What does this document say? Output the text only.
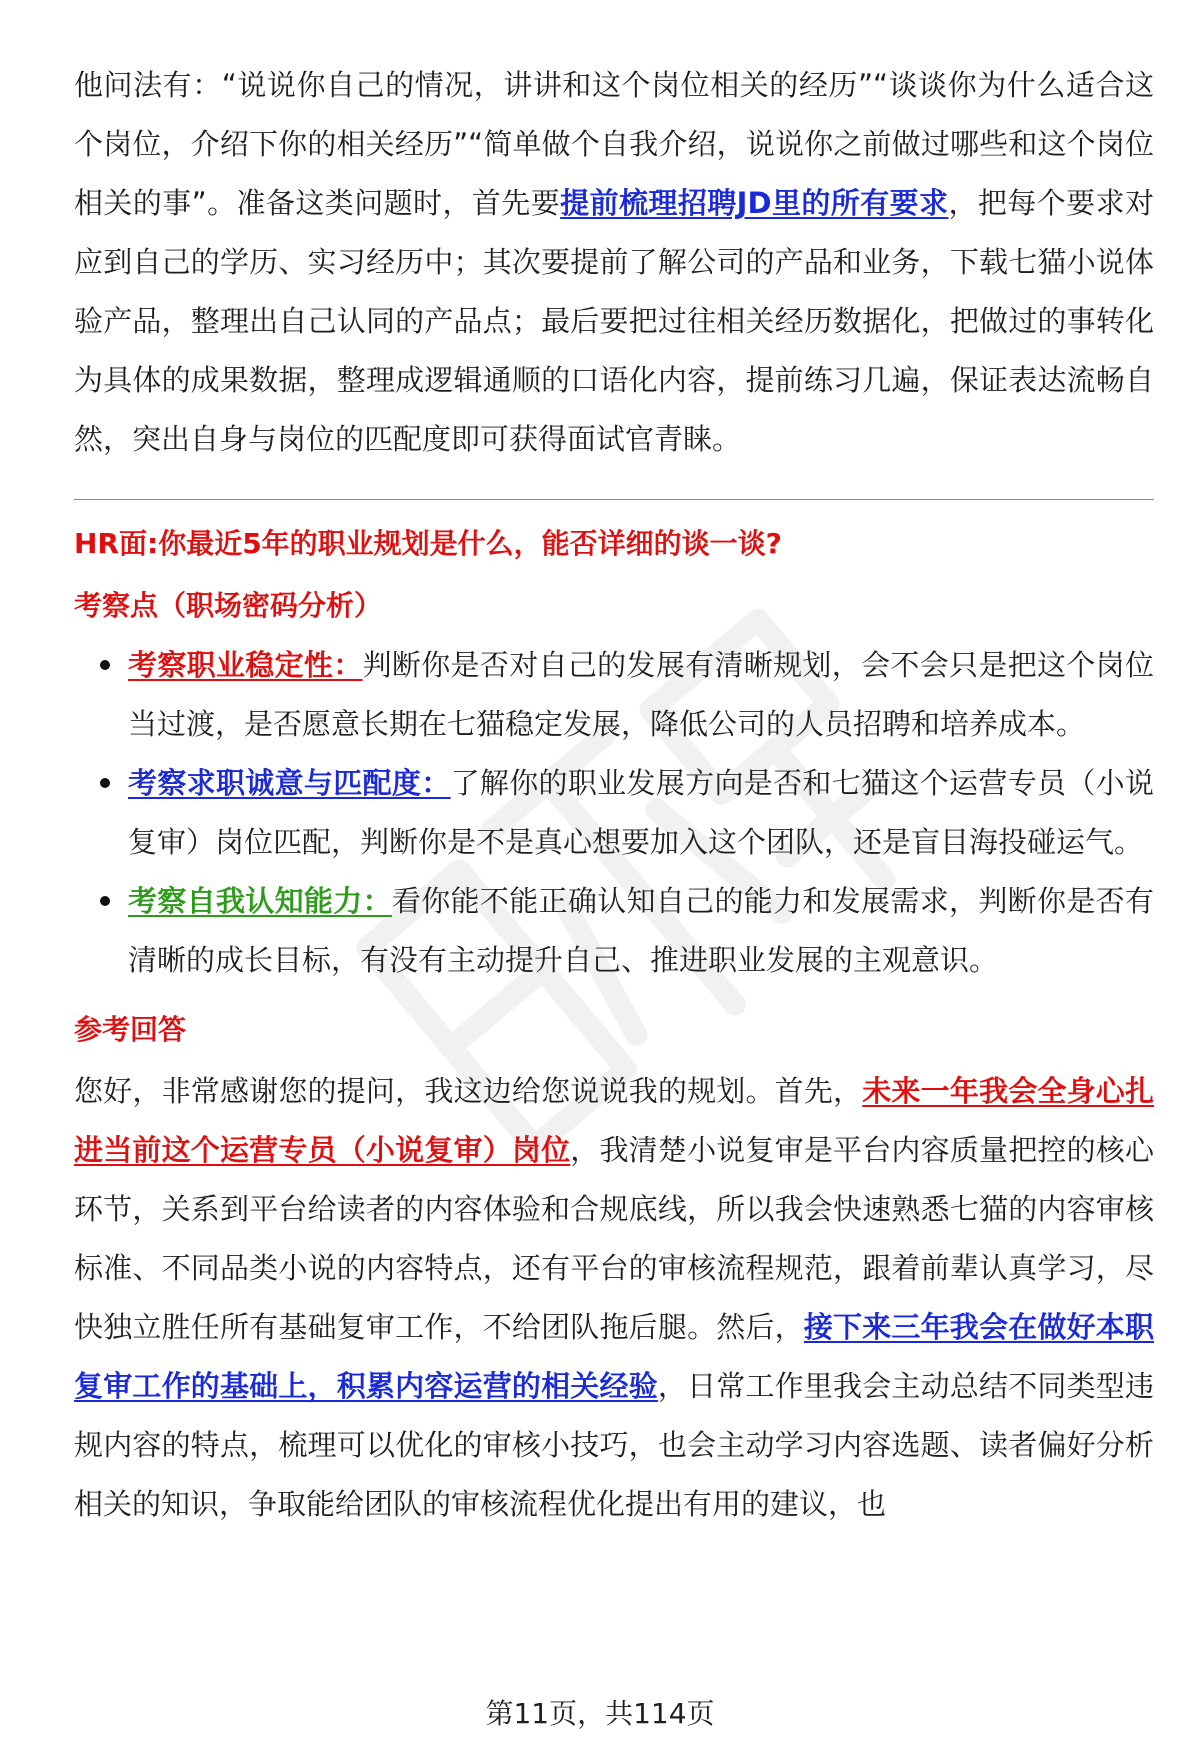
他问法有：“说说你自己的情况，讲讲和这个岗位相关的经历”“谈谈你为什么适合这个岗位，介绍下你的相关经历”“简单做个自我介绍，说说你之前做过哪些和这个岗位相关的事”。准备这类问题时，首先要提前梳理招聘JD里的所有要求，把每个要求对应到自己的学历、实习经历中；其次要提前了解公司的产品和业务，下载七猫小说体验产品，整理出自己认同的产品点；最后要把过往相关经历数据化，把做过的事转化为具体的成果数据，整理成逻辑通顺的口语化内容，提前练习几遍，保证表达流畅自然，突出自身与岗位的匹配度即可获得面试官青睐。

HR面:你最近5年的职业规划是什么，能否详细的谈一谈?

考察点（职场密码分析）

考察职业稳定性：判断你是否对自己的发展有清晰规划，会不会只是把这个岗位当过渡，是否愿意长期在七猫稳定发展，降低公司的人员招聘和培养成本。
考察求职诚意与匹配度：了解你的职业发展方向是否和七猫这个运营专员（小说复审）岗位匹配，判断你是不是真心想要加入这个团队，还是盲目海投碰运气。
考察自我认知能力：看你能不能正确认知自己的能力和发展需求，判断你是否有清晰的成长目标，有没有主动提升自己、推进职业发展的主观意识。

参考回答

您好，非常感谢您的提问，我这边给您说说我的规划。首先，未来一年我会全身心扎进当前这个运营专员（小说复审）岗位，我清楚小说复审是平台内容质量把控的核心环节，关系到平台给读者的内容体验和合规底线，所以我会快速熟悉七猫的内容审核标准、不同品类小说的内容特点，还有平台的审核流程规范，跟着前辈认真学习，尽快独立胜任所有基础复审工作，不给团队拖后腿。然后，接下来三年我会在做好本职复审工作的基础上，积累内容运营的相关经验，日常工作里我会主动总结不同类型违规内容的特点，梳理可以优化的审核小技巧，也会主动学习内容选题、读者偏好分析相关的知识，争取能给团队的审核流程优化提出有用的建议，也

第11页，共114页
